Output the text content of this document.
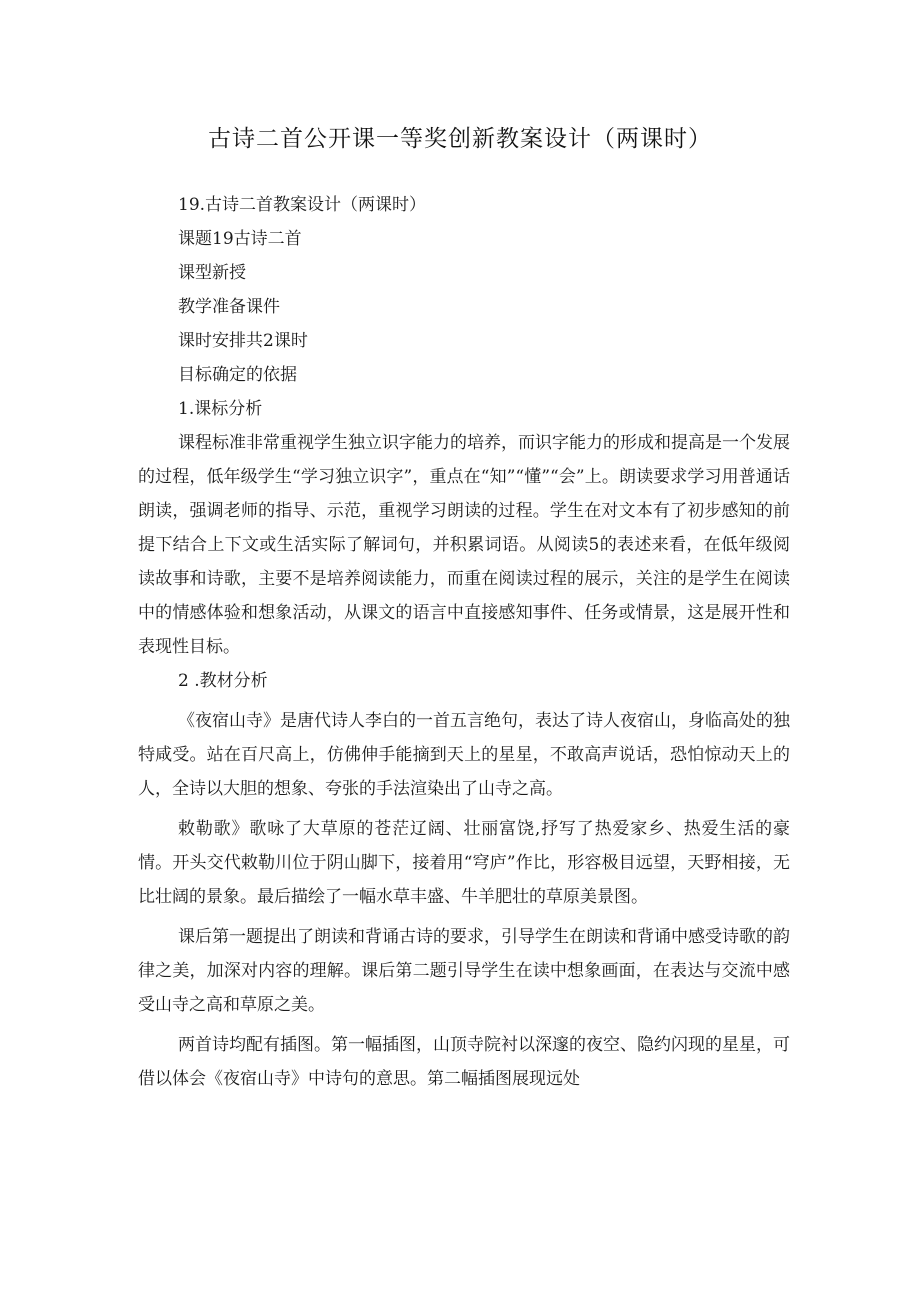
古诗二首公开课一等奖创新教案设计（两课时）

19.古诗二首教案设计（两课时）

课题19古诗二首

课型新授

教学准备课件

课时安排共2课时

目标确定的依据

1.课标分析

课程标准非常重视学生独立识字能力的培养，而识字能力的形成和提高是一个发展的过程，低年级学生“学习独立识字”，重点在“知”“懂”“会”上。朗读要求学习用普通话朗读，强调老师的指导、示范，重视学习朗读的过程。学生在对文本有了初步感知的前提下结合上下文或生活实际了解词句，并积累词语。从阅读5的表述来看，在低年级阅读故事和诗歌，主要不是培养阅读能力，而重在阅读过程的展示，关注的是学生在阅读中的情感体验和想象活动，从课文的语言中直接感知事件、任务或情景，这是展开性和表现性目标。

2 .教材分析

《夜宿山寺》是唐代诗人李白的一首五言绝句，表达了诗人夜宿山，身临高处的独特咸受。站在百尺高上，仿佛伸手能摘到天上的星星，不敢高声说话，恐怕惊动天上的人，全诗以大胆的想象、夸张的手法渲染出了山寺之高。

敕勒歌》歌咏了大草原的苍茫辽阔、壮丽富饶,抒写了热爱家乡、热爱生活的豪情。开头交代敕勒川位于阴山脚下，接着用“穹庐”作比，形容极目远望，天野相接，无比壮阔的景象。最后描绘了一幅水草丰盛、牛羊肥壮的草原美景图。

课后第一题提出了朗读和背诵古诗的要求，引导学生在朗读和背诵中感受诗歌的韵律之美，加深对内容的理解。课后第二题引导学生在读中想象画面，在表达与交流中感受山寺之高和草原之美。

两首诗均配有插图。第一幅插图，山顶寺院衬以深邃的夜空、隐约闪现的星星，可借以体会《夜宿山寺》中诗句的意思。第二幅插图展现远处
